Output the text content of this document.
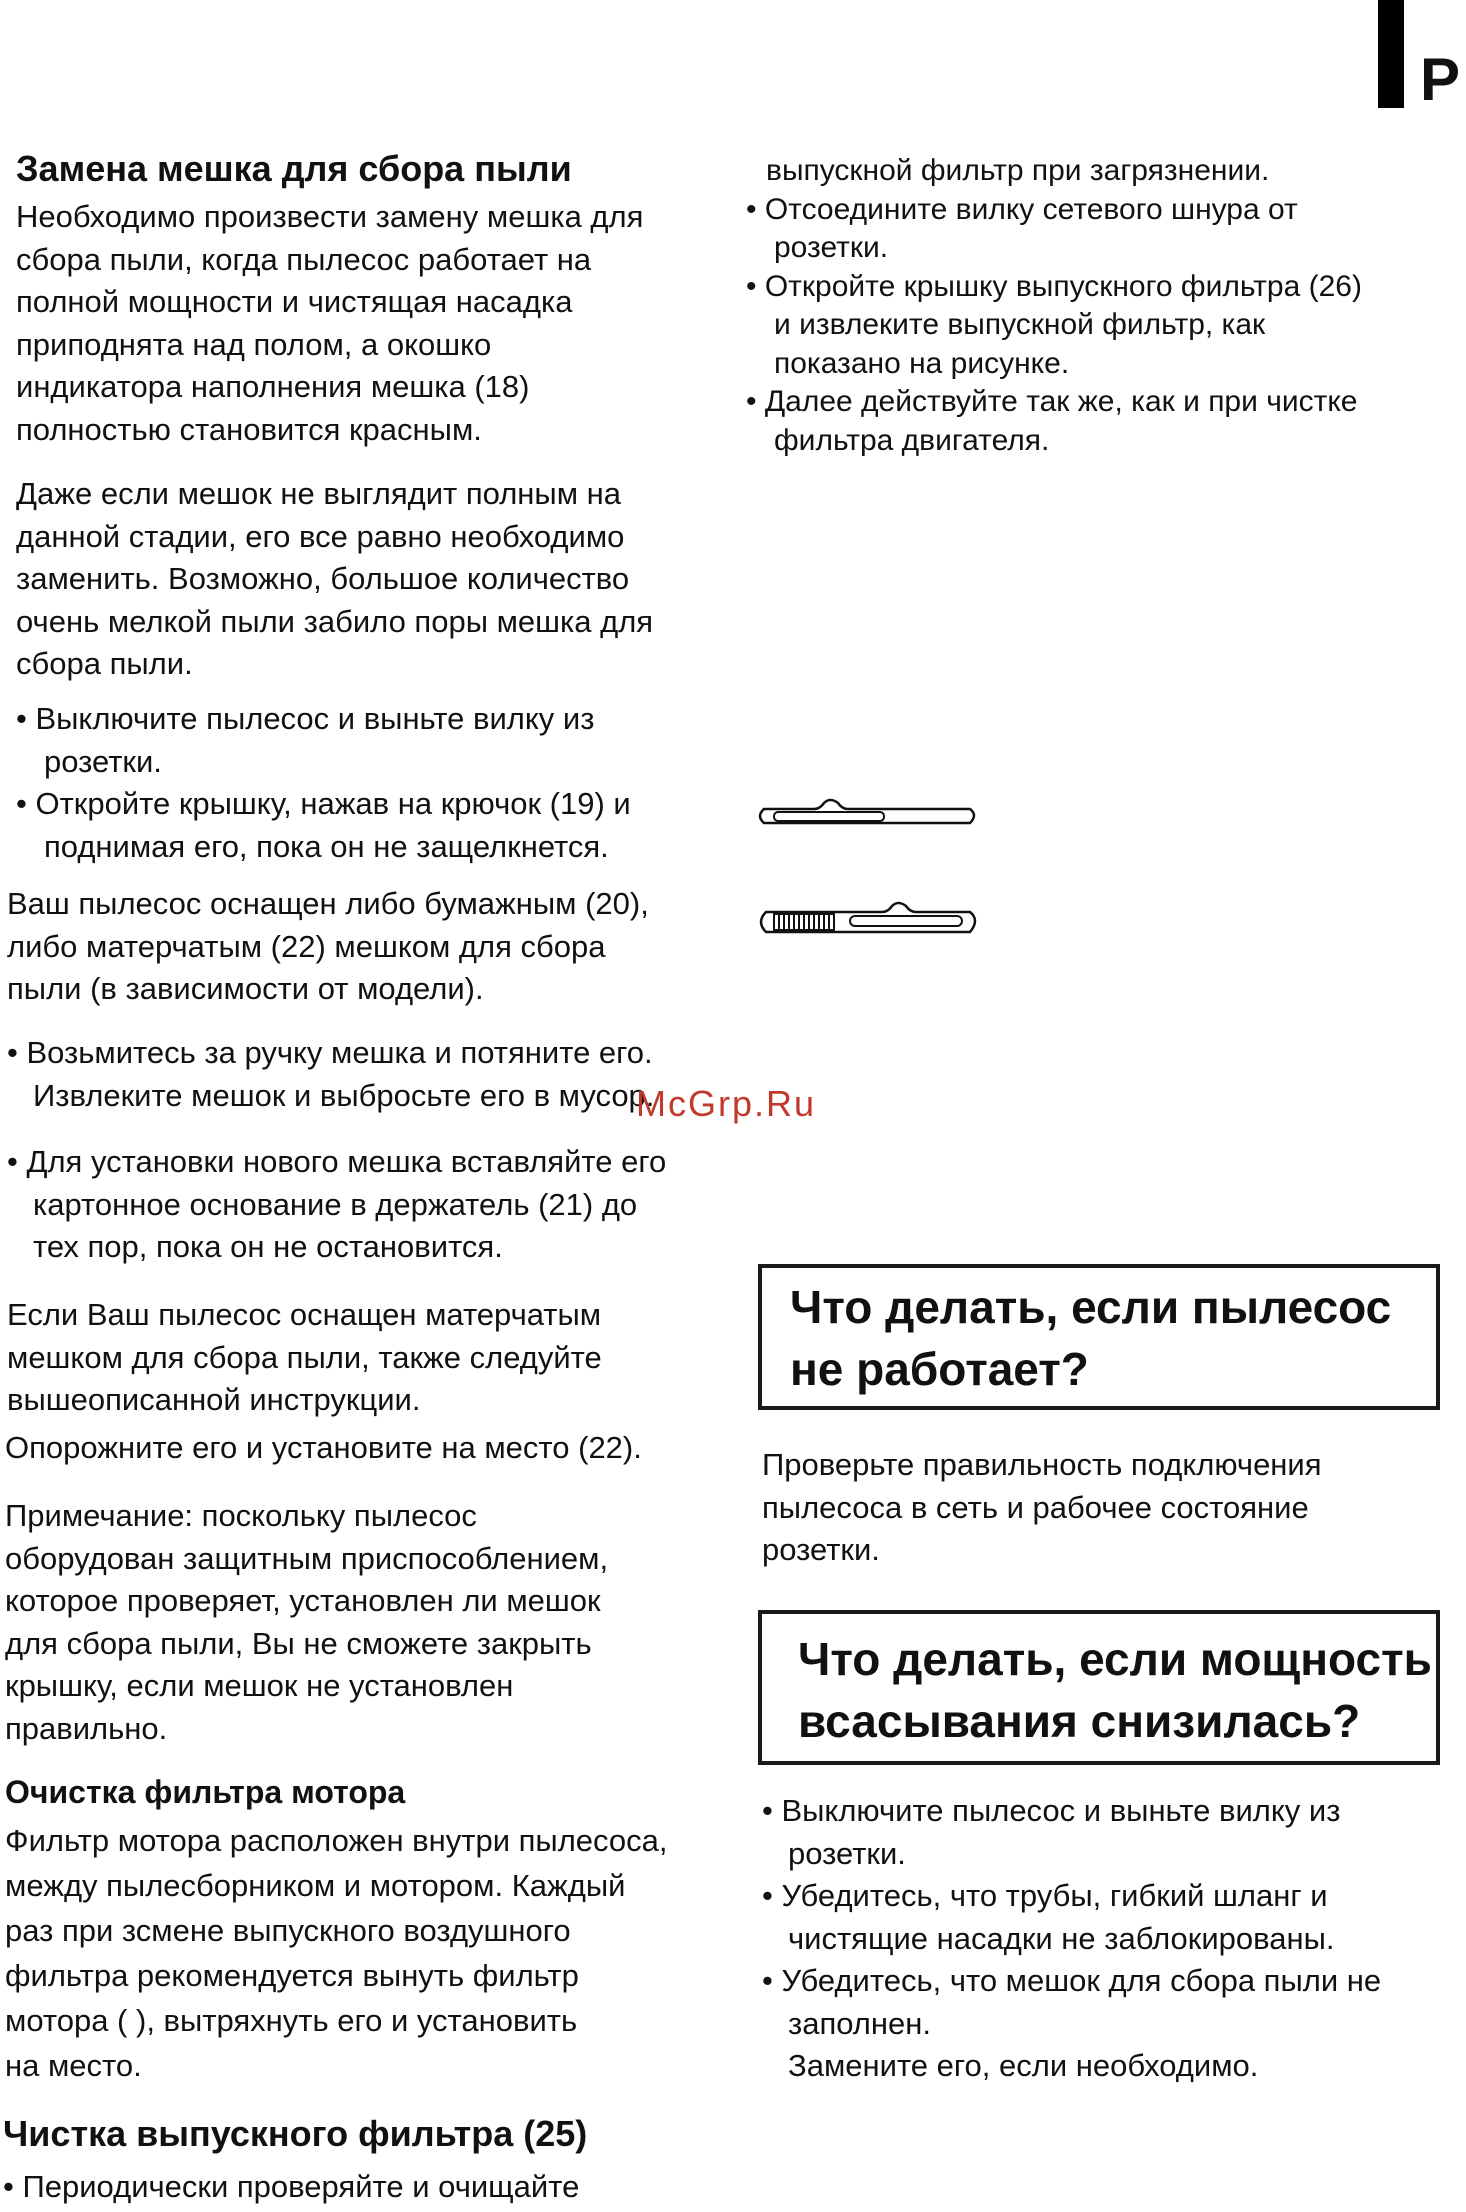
P
Замена мешка для сбора пыли
Необходимо произвести замену мешка для
сбора пыли, когда пылесос работает на
полной мощности и чистящая насадка
приподнята над полом, а окошко
индикатора наполнения мешка (18)
полностью становится красным.
Даже если мешок не выглядит полным на
данной стадии, его все равно необходимо
заменить. Возможно, большое количество
очень мелкой пыли забило поры мешка для
сбора пыли.
• Выключите пылесос и выньте вилку из
розетки.
• Откройте крышку, нажав на крючок (19) и
поднимая его, пока он не защелкнется.
Ваш пылесос оснащен либо бумажным (20),
либо матерчатым (22) мешком для сбора
пыли (в зависимости от модели).
• Возьмитесь за ручку мешка и потяните его.
Извлеките мешок и выбросьте его в мусор.
• Для установки нового мешка вставляйте его
картонное основание в держатель (21) до
тех пор, пока он не остановится.
Если Ваш пылесос оснащен матерчатым
мешком для сбора пыли, также следуйте
вышеописанной инструкции.
Опорожните его и установите на место (22).
Примечание: поскольку пылесос
оборудован защитным приспособлением,
которое проверяет, установлен ли мешок
для сбора пыли, Вы не сможете закрыть
крышку, если мешок не установлен
правильно.
Очистка фильтра мотора
Фильтр мотора расположен внутри пылесоса,
между пылесборником и мотором. Каждый
раз при зсмене выпускного воздушного
фильтра рекомендуется вынуть фильтр
мотора ( ), вытряхнуть его и установить
на место.
Чистка выпускного фильтра (25)
• Периодически проверяйте и очищайте
выпускной фильтр при загрязнении.
• Отсоедините вилку сетевого шнура от
розетки.
• Откройте крышку выпускного фильтра (26)
и извлеките выпускной фильтр, как
показано на рисунке.
• Далее действуйте так же, как и при чистке
фильтра двигателя.
McGrp.Ru
Что делать, если пылесос
не работает?
Проверьте правильность подключения
пылесоса в сеть и рабочее состояние
розетки.
Что делать, если мощность
всасывания снизилась?
• Выключите пылесос и выньте вилку из
розетки.
• Убедитесь, что трубы, гибкий шланг и
чистящие насадки не заблокированы.
• Убедитесь, что мешок для сбора пыли не
заполнен.
Замените его, если необходимо.
